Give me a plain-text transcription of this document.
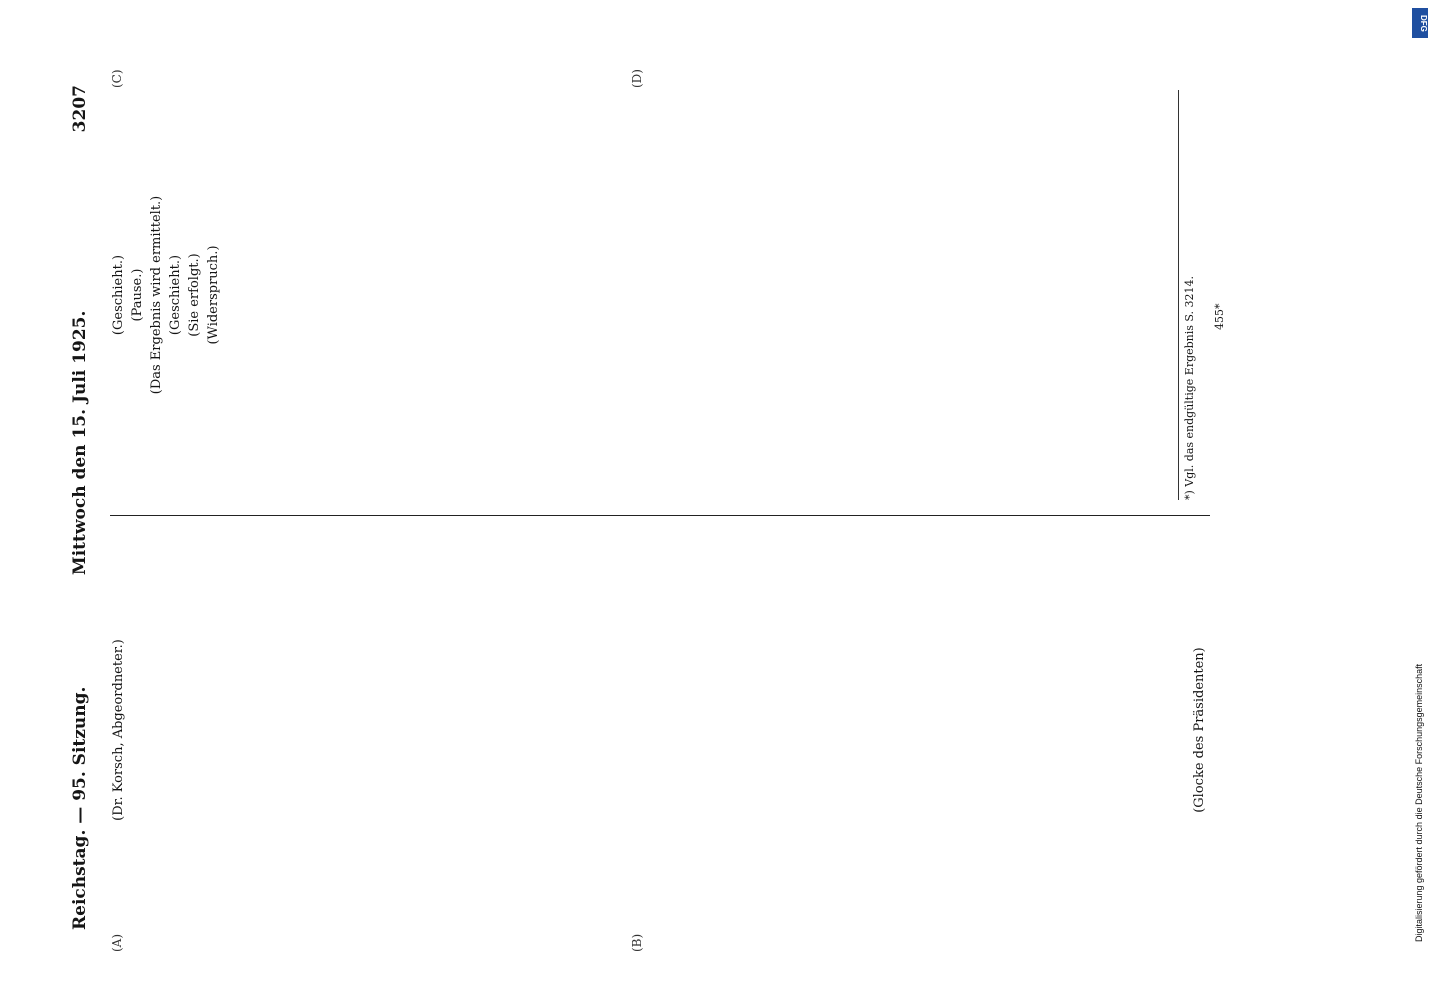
Reichstag. — 95. Sitzung.
Mittwoch den 15. Juli 1925.
3207

(Dr. Korsch, Abgeordneter.)	(Glocke des Präsidenten)

(Geschieht.) (Pause.) (Das Ergebnis wird ermittelt.) (Geschieht.) (Sie erfolgt.) (Widerspruch.)

(A)	(B)
(C)	(D)
*) Vgl. das endgültige Ergebnis S. 3214. 455*
DFG
Digitalisierung gefördert durch die Deutsche Forschungsgemeinschaft
